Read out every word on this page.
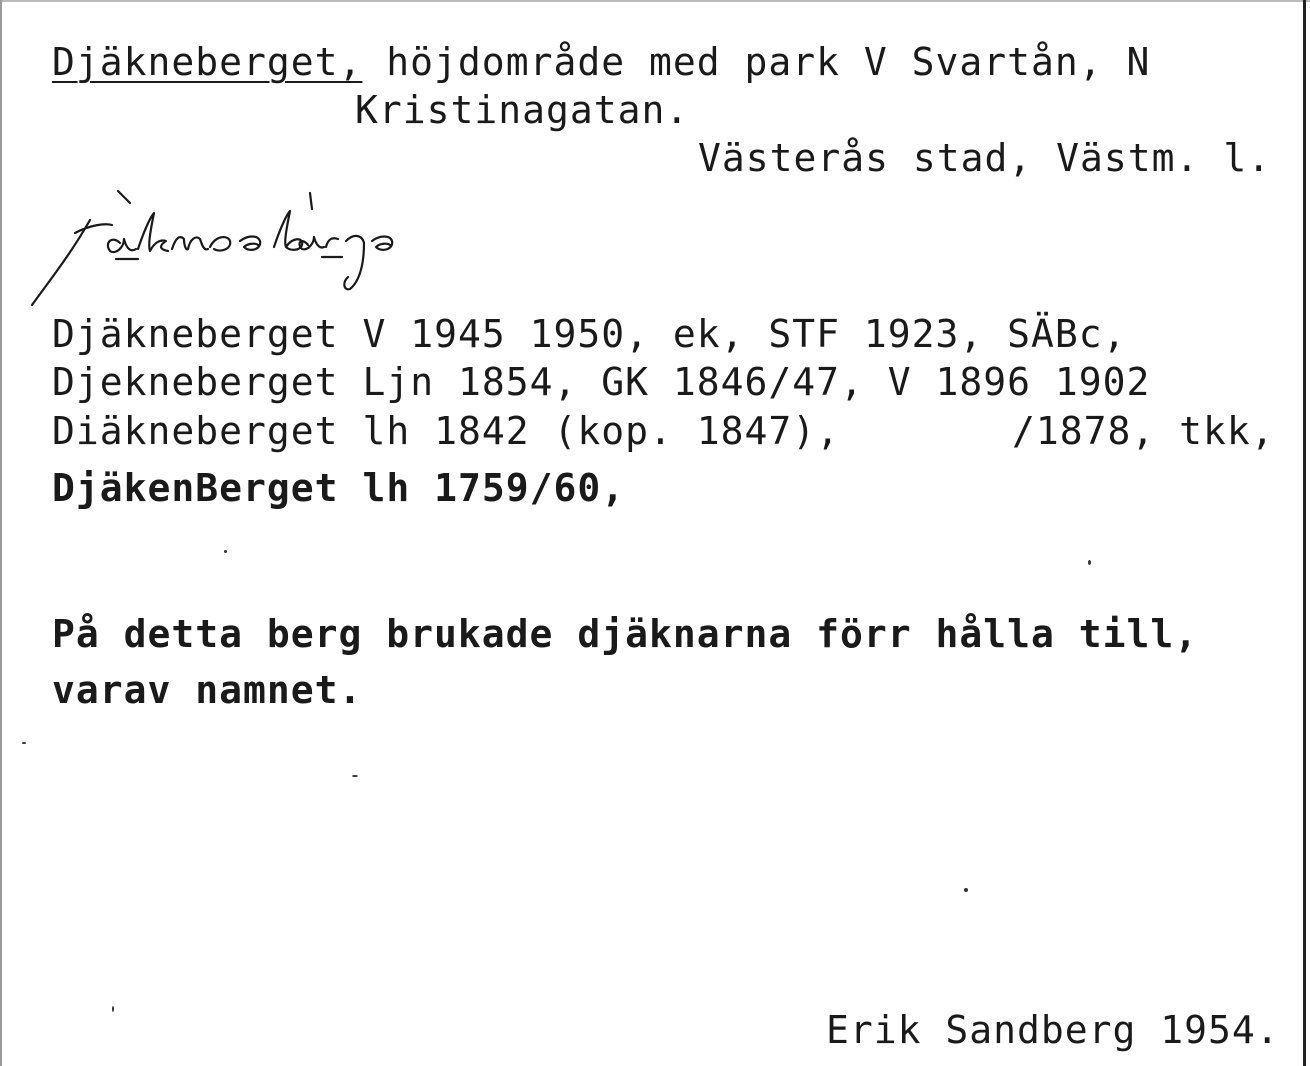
Djäkneberget, höjdområde med park V Svartån, N
Kristinagatan.
Västerås stad, Västm. l.
Djäkneberget V 1945 1950, ek, STF 1923, SÄBc,
Djekneberget Ljn 1854, GK 1846/47, V 1896 1902
Diäkneberget lh 1842 (kop. 1847),	/1878, tkk,
DjäkenBerget lh 1759/60,
På detta berg brukade djäknarna förr hålla till,
varav namnet.
Erik Sandberg 1954.
